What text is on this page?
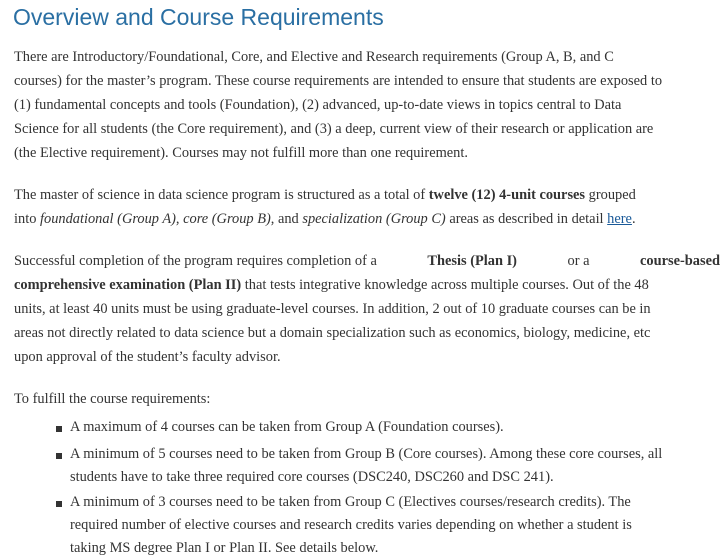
Overview and Course Requirements
There are Introductory/Foundational, Core, and Elective and Research requirements (Group A, B, and C
courses) for the master’s program. These course requirements are intended to ensure that students are exposed to
(1) fundamental concepts and tools (Foundation), (2) advanced, up-to-date views in topics central to Data
Science for all students (the Core requirement), and (3) a deep, current view of their research or application are
(the Elective requirement). Courses may not fulfill more than one requirement.
The master of science in data science program is structured as a total of twelve (12) 4-unit courses grouped
into foundational (Group A), core (Group B), and specialization (Group C) areas as described in detail here.
Successful completion of the program requires completion of a	Thesis (Plan I)	or a	course-based
comprehensive examination (Plan II) that tests integrative knowledge across multiple courses. Out of the 48
units, at least 40 units must be using graduate-level courses. In addition, 2 out of 10 graduate courses can be in
areas not directly related to data science but a domain specialization such as economics, biology, medicine, etc
upon approval of the student’s faculty advisor.
To fulfill the course requirements:
A maximum of 4 courses can be taken from Group A (Foundation courses).
A minimum of 5 courses need to be taken from Group B (Core courses). Among these core courses, all
students have to take three required core courses (DSC240, DSC260 and DSC 241).
A minimum of 3 courses need to be taken from Group C (Electives courses/research credits). The
required number of elective courses and research credits varies depending on whether a student is
taking MS degree Plan I or Plan II. See details below.
